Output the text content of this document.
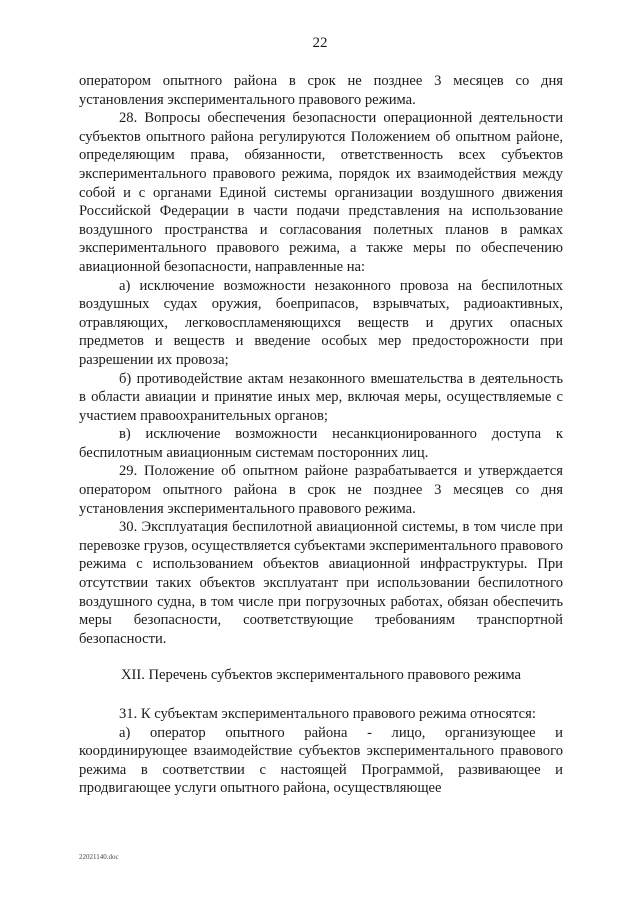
22

оператором опытного района в срок не позднее 3 месяцев со дня установления экспериментального правового режима.

28. Вопросы обеспечения безопасности операционной деятельности субъектов опытного района регулируются Положением об опытном районе, определяющим права, обязанности, ответственность всех субъектов экспериментального правового режима, порядок их взаимодействия между собой и с органами Единой системы организации воздушного движения Российской Федерации в части подачи представления на использование воздушного пространства и согласования полетных планов в рамках экспериментального правового режима, а также меры по обеспечению авиационной безопасности, направленные на:

а) исключение возможности незаконного провоза на беспилотных воздушных судах оружия, боеприпасов, взрывчатых, радиоактивных, отравляющих, легковоспламеняющихся веществ и других опасных предметов и веществ и введение особых мер предосторожности при разрешении их провоза;

б) противодействие актам незаконного вмешательства в деятельность в области авиации и принятие иных мер, включая меры, осуществляемые с участием правоохранительных органов;

в) исключение возможности несанкционированного доступа к беспилотным авиационным системам посторонних лиц.

29. Положение об опытном районе разрабатывается и утверждается оператором опытного района в срок не позднее 3 месяцев со дня установления экспериментального правового режима.

30. Эксплуатация беспилотной авиационной системы, в том числе при перевозке грузов, осуществляется субъектами экспериментального правового режима с использованием объектов авиационной инфраструктуры. При отсутствии таких объектов эксплуатант при использовании беспилотного воздушного судна, в том числе при погрузочных работах, обязан обеспечить меры безопасности, соответствующие требованиям транспортной безопасности.

XII. Перечень субъектов экспериментального правового режима

31. К субъектам экспериментального правового режима относятся:

а) оператор опытного района - лицо, организующее и координирующее взаимодействие субъектов экспериментального правового режима в соответствии с настоящей Программой, развивающее и продвигающее услуги опытного района, осуществляющее

22021140.doc
